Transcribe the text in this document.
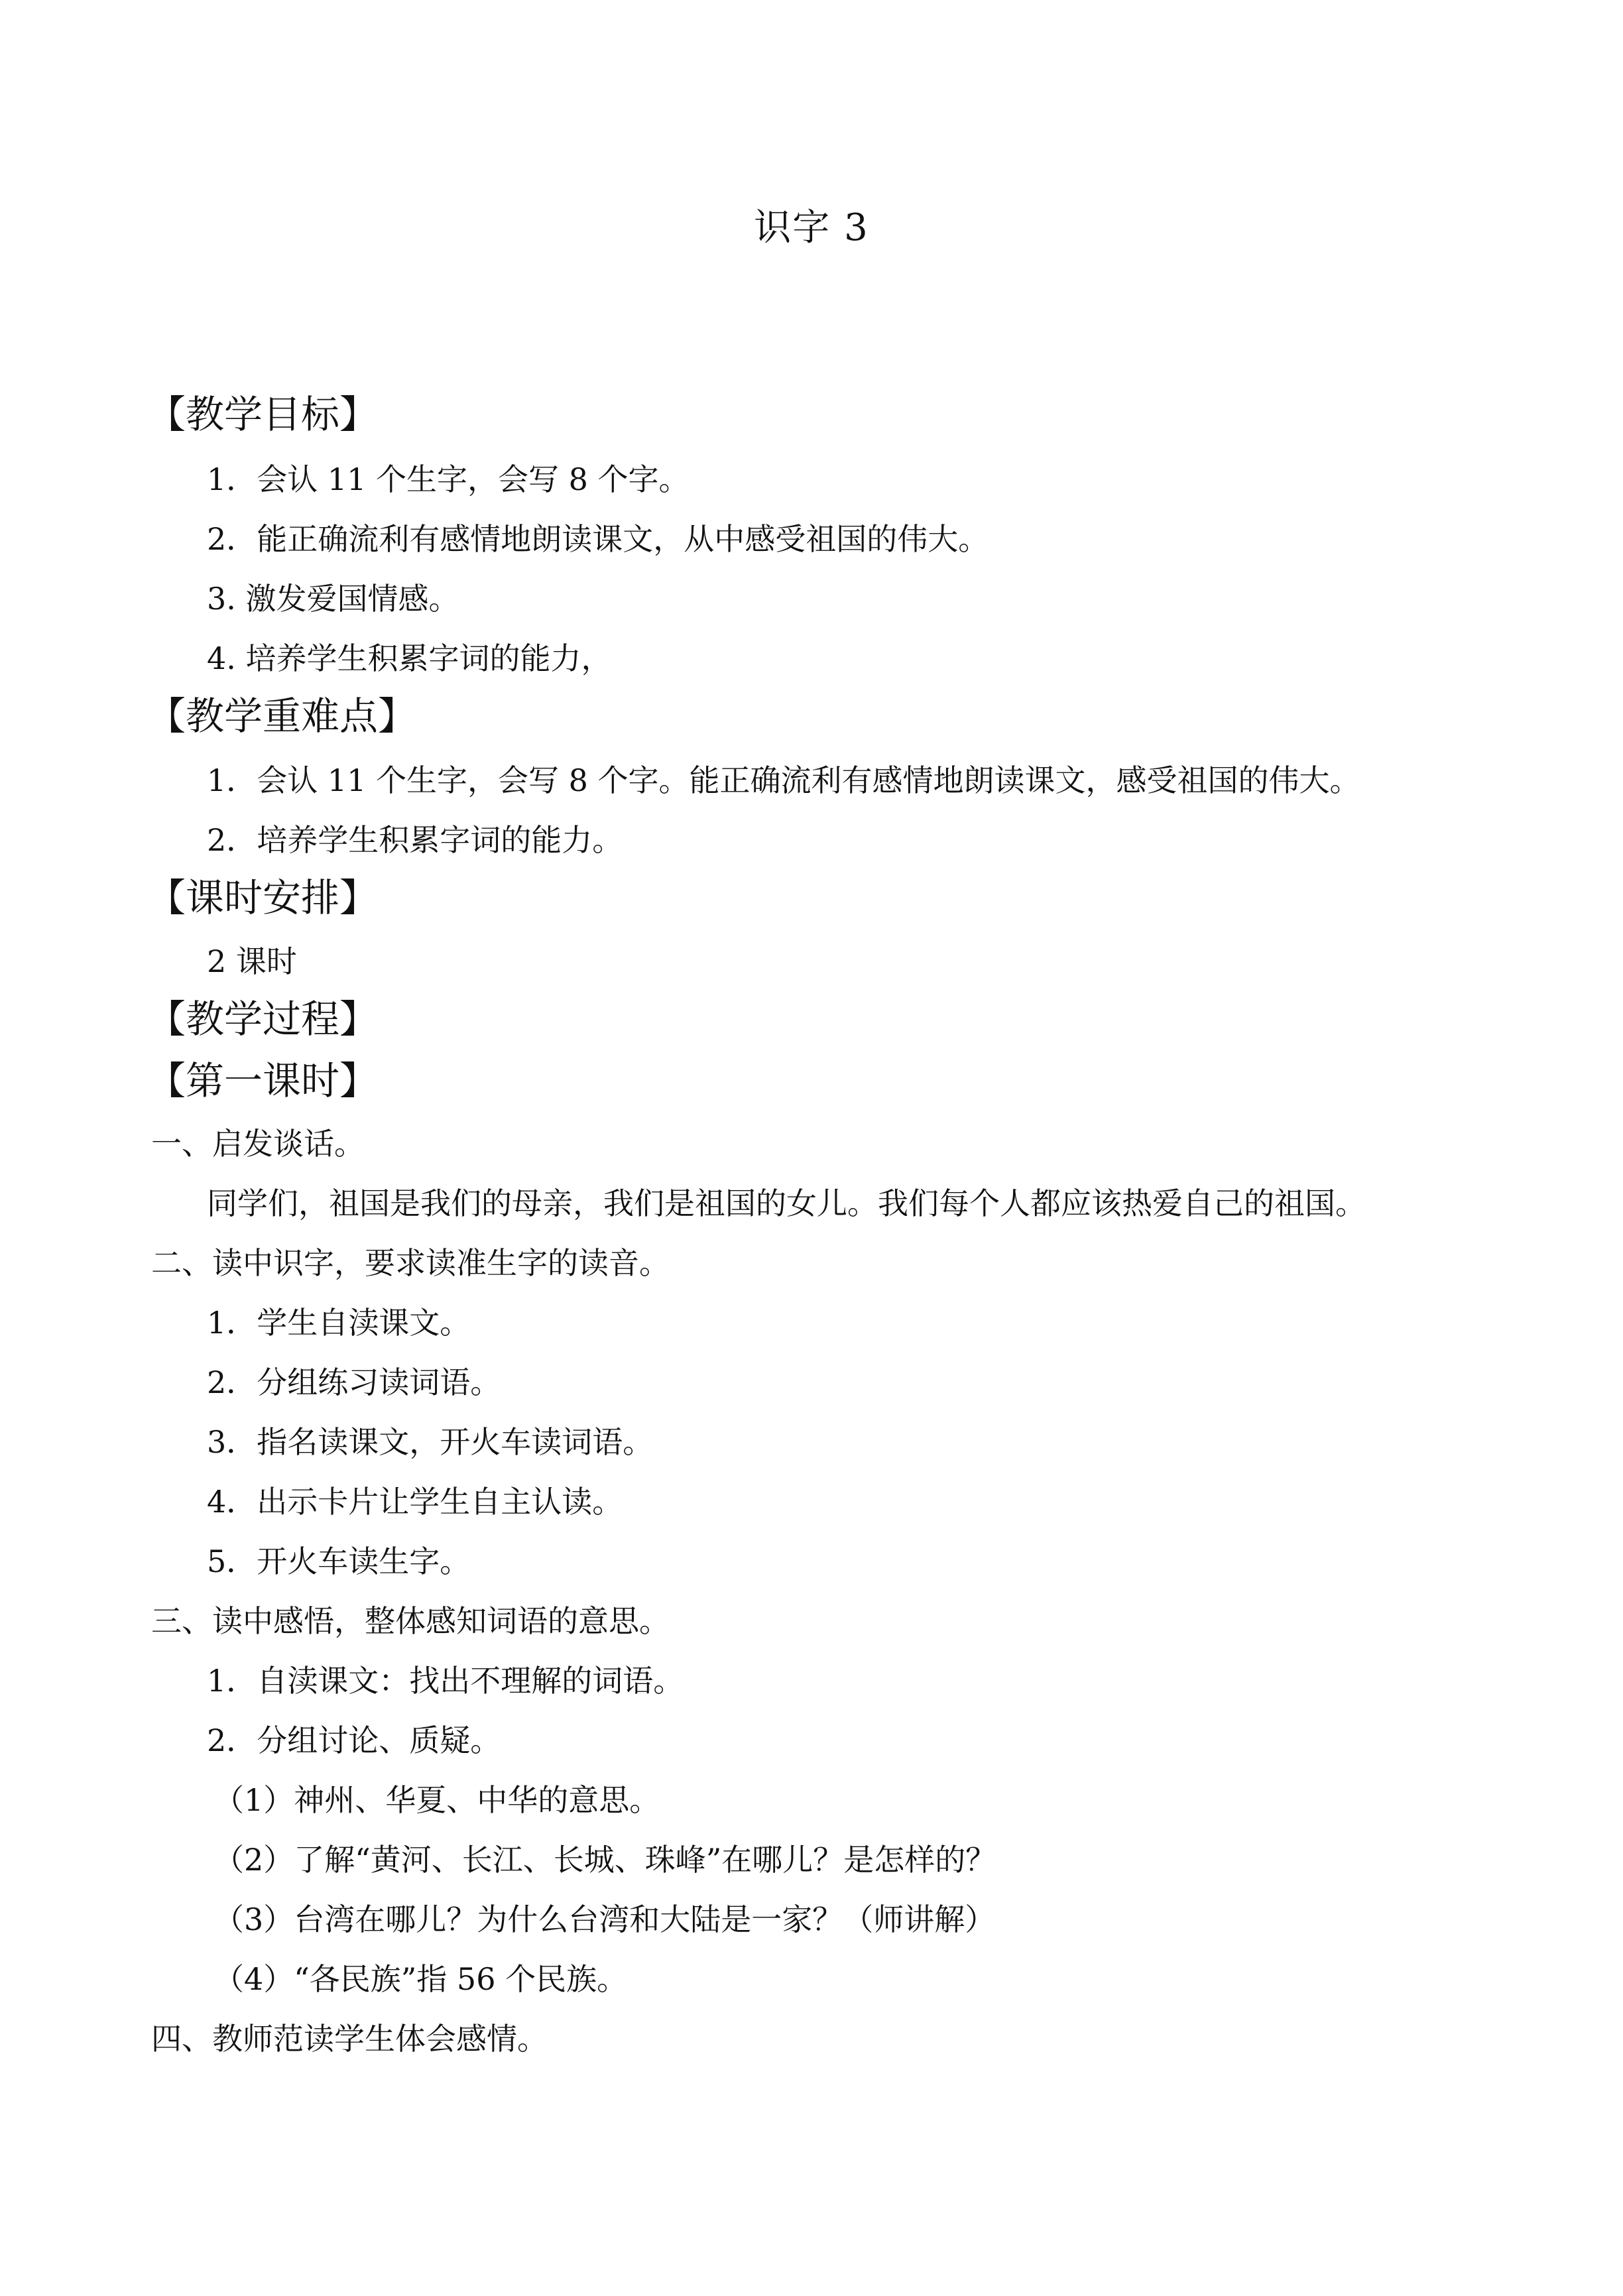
识字 3
【教学目标】
1．会认 11 个生字，会写 8 个字。
2．能正确流利有感情地朗读课文，从中感受祖国的伟大。
3. 激发爱国情感。
4. 培养学生积累字词的能力，
【教学重难点】
1．会认 11 个生字，会写 8 个字。能正确流利有感情地朗读课文，感受祖国的伟大。
2．培养学生积累字词的能力。
【课时安排】
2 课时
【教学过程】
【第一课时】
一、启发谈话。
同学们，祖国是我们的母亲，我们是祖国的女儿。我们每个人都应该热爱自己的祖国。
二、读中识字，要求读准生字的读音。
1．学生自渎课文。
2．分组练习读词语。
3．指名读课文，开火车读词语。
4．出示卡片让学生自主认读。
5．开火车读生字。
三、读中感悟，整体感知词语的意思。
1．自渎课文：找出不理解的词语。
2．分组讨论、质疑。
（1）神州、华夏、中华的意思。
（2）了解“黄河、长江、长城、珠峰”在哪儿？是怎样的？
（3）台湾在哪儿？为什么台湾和大陆是一家？（师讲解）
（4）“各民族”指 56 个民族。
四、教师范读学生体会感情。
